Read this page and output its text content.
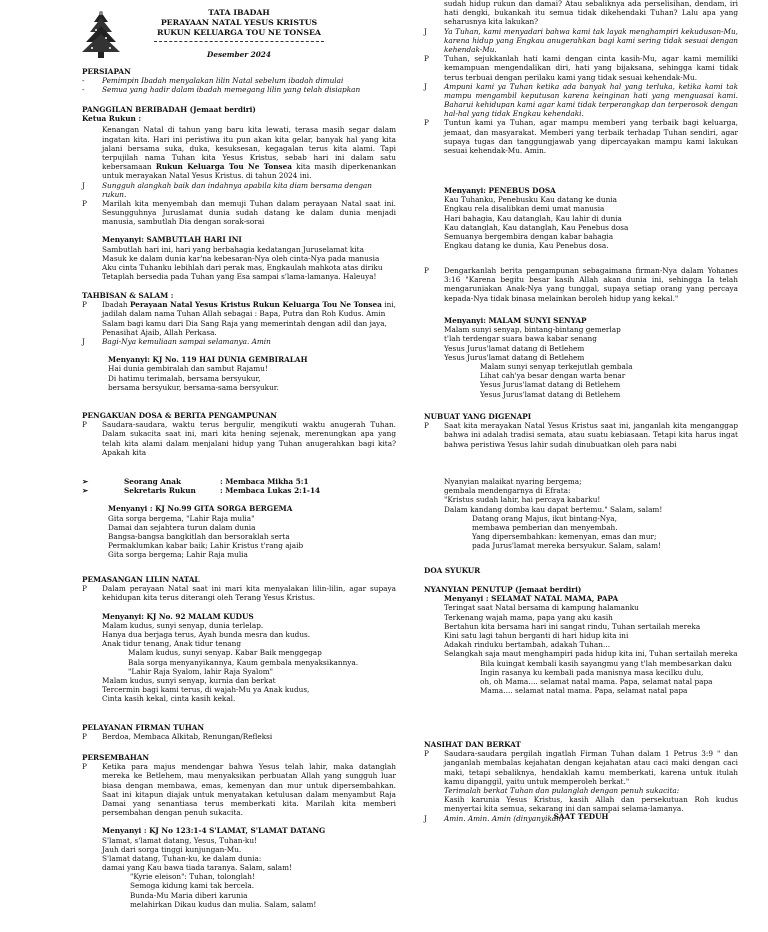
TATA IBADAH
PERAYAAN NATAL YESUS KRISTUS
RUKUN KELUARGA TOU NE TONSEA
Desember 2024

PERSIAPAN

-	Pemimpin Ibadah menyalakan lilin Natal sebelum ibadah dimulai
-	Semua yang hadir dalam ibadah memegang lilin yang telah disiapkan

PANGGILAN BERIBADAH (Jemaat berdiri)

Ketua Rukun :

Kenangan Natal di tahun yang baru kita lewati, terasa masih segar dalam ingatan kita. Hari ini peristiwa itu pun akan kita gelar, banyak hal yang kita jalani bersama suka, duka, kesuksesan, kegagalan terus kita alami. Tapi terpujilah nama Tuhan kita Yesus Kristus, sebab hari ini dalam satu kebersamaan Rukun Keluarga Tou Ne Tonsea kita masih diperkenankan untuk merayakan Natal Yesus Kristus. di tahun 2024 ini.

J	Sungguh alangkah baik dan indahnya apabila kita diam bersama dengan rukun.
P	Marilah kita menyembah dan memuji Tuhan dalam perayaan Natal saat ini. Sesungguhnya Juruslamat dunia sudah datang ke dalam dunia menjadi manusia, sambutlah Dia dengan sorak-sorai

Menyanyi: SAMBUTLAH HARI INI

Sambutlah hari ini, hari yang berbahagia kedatangan Juruselamat kita

Masuk ke dalam dunia kar'na kebesaran-Nya oleh cinta-Nya pada manusia

Aku cinta Tuhanku lebihlah dari perak mas, Engkaulah mahkota atas diriku

Tetaplah bersedia pada Tuhan yang Esa sampai s'lama-lamanya. Haleuya!

TAHBISAN & SALAM :

P	Ibadah Perayaan Natal Yesus Kristus Rukun Keluarga Tou Ne Tonsea ini, jadilah dalam nama Tuhan Allah sebagai : Bapa, Putra dan Roh Kudus. Amin

Salam bagi kamu dari Dia Sang Raja yang memerintah dengan adil dan jaya, Penasihat Ajaib, Allah Perkasa.

J	Bagi-Nya kemuliaan sampai selamanya. Amin

Menyanyi: KJ No. 119 HAI DUNIA GEMBIRALAH

Hai dunia gembiralah dan sambut Rajamu!

Di hatimu terimalah, bersama bersyukur,

bersama bersyukur, bersama-sama bersyukur.

PENGAKUAN DOSA & BERITA PENGAMPUNAN

P	Saudara-saudara, waktu terus bergulir, mengikuti waktu anugerah Tuhan. Dalam sukacita saat ini, mari kita hening sejenak, merenungkan apa yang telah kita alami dalam menjalani hidup yang Tuhan anugerahkan bagi kita? Apakah kita
➢	Seorang Anak	: Membaca Mikha 5:1
➢	Sekretaris Rukun	: Membaca Lukas 2:1-14

Menyanyi : KJ No.99 GITA SORGA BERGEMA

Gita sorga bergema, "Lahir Raja mulia"

Damai dan sejahtera turun dalam dunia

Bangsa-bangsa bangkitlah dan bersoraklah serta

Permaklumkan kabar baik; Lahir Kristus t'rang ajaib

Gita sorga bergema; Lahir Raja mulia

PEMASANGAN LILIN NATAL

P	Dalam perayaan Natal saat ini mari kita menyalakan lilin-lilin, agar supaya kehidupan kita terus diterangi oleh Terang Yesus Kristus.

Menyanyi: KJ No. 92 MALAM KUDUS

Malam kudus, sunyi senyap, dunia terlelap.

Hanya dua berjaga terus, Ayah bunda mesra dan kudus.

Anak tidur tenang, Anak tidur tenang

Malam kudus, sunyi senyap. Kabar Baik menggegap

Bala sorga menyanyikannya, Kaum gembala menyaksikannya.

"Lahir Raja Syalom, lahir Raja Syalom"

Malam kudus, sunyi senyap, kurnia dan berkat

Tercermin bagi kami terus, di wajah-Mu ya Anak kudus,

Cinta kasih kekal, cinta kasih kekal.

PELAYANAN FIRMAN TUHAN

P	Berdoa, Membaca Alkitab, Renungan/Refleksi

PERSEMBAHAN

P	Ketika para majus mendengar bahwa Yesus telah lahir, maka datanglah mereka ke Betlehem, mau menyaksikan perbuatan Allah yang sungguh luar biasa dengan membawa, emas, kemenyan dan mur untuk dipersembahkan. Saat ini kitapun diajak untuk menyatakan ketulusan dalam menyambut Raja Damai yang senantiasa terus memberkati kita. Marilah kita memberi persembahan dengan penuh sukacita.

Menyanyi : KJ No 123:1-4 S'LAMAT, S'LAMAT DATANG

S'lamat, s'lamat datang, Yesus, Tuhan-ku!

Jauh dari sorga tinggi kunjungan-Mu.

S'lamat datang, Tuhan-ku, ke dalam dunia:

damai yang Kau bawa tiada taranya. Salam, salam!

"Kyrie eleison": Tuhan, tolonglah!

Semoga kidung kami tak bercela.

Bunda-Mu Maria diberi karunia

melahirkan Dikau kudus dan mulia. Salam, salam!

sudah hidup rukun dan damai? Atau sebaliknya ada perselisihan, dendam, iri hati dengki, bukankah itu semua tidak dikehendaki Tuhan? Lalu apa yang seharusnya kita lakukan?

J	Ya Tuhan, kami menyadari bahwa kami tak layak menghampiri kekudusan-Mu, karena hidup yang Engkau anugerahkan bagi kami sering tidak sesuai dengan kehendak-Mu.
P	Tuhan, sejukkanlah hati kami dengan cinta kasih-Mu, agar kami memiliki kemampuan mengendalikan diri, hati yang bijaksana, sehingga kami tidak terus terbuai dengan perilaku kami yang tidak sesuai kehendak-Mu.
J	Ampuni kami ya Tuhan ketika ada banyak hal yang terluka, ketika kami tak mampu mengambil keputusan karena keinginan hati yang menguasai kami. Baharui kehidupan kami agar kami tidak terperangkap dan terperosok dengan hal-hal yang tidak Engkau kehendaki.
P	Tuntun kami ya Tuhan, agar mampu memberi yang terbaik bagi keluarga, jemaat, dan masyarakat. Memberi yang terbaik terhadap Tuhan sendiri, agar supaya tugas dan tanggungjawab yang dipercayakan mampu kami lakukan sesuai kehendak-Mu. Amin.

Menyanyi: PENEBUS DOSA

Kau Tuhanku, Penebusku Kau datang ke dunia

Engkau rela disalibkan demi umat manusia

Hari bahagia, Kau datanglah, Kau lahir di dunia

Kau datanglah, Kau datanglah, Kau Penebus dosa

Semuanya bergembira dengan kabar bahagia

Engkau datang ke dunia, Kau Penebus dosa.

P	Dengarkanlah berita pengampunan sebagaimana firman-Nya dalam Yohanes 3:16 "Karena begitu besar kasih Allah akan dunia ini, sehingga Ia telah mengaruniakan Anak-Nya yang tunggal, supaya setiap orang yang percaya kepada-Nya tidak binasa melainkan beroleh hidup yang kekal."

Menyanyi: MALAM SUNYI SENYAP

Malam sunyi senyap, bintang-bintang gemerlap

t'lah terdengar suara bawa kabar senang

Yesus Jurus'lamat datang di Betlehem

Yesus Jurus'lamat datang di Betlehem

Malam sunyi senyap terkejutlah gembala

Lihat cah'ya besar dengan warta benar

Yesus Jurus'lamat datang di Betlehem

Yesus Jurus'lamat datang di Betlehem

NUBUAT YANG DIGENAPI

P	Saat kita merayakan Natal Yesus Kristus saat ini, janganlah kita menganggap bahwa ini adalah tradisi semata, atau suatu kebiasaan. Tetapi kita harus ingat bahwa peristiwa Yesus lahir sudah dinubuatkan oleh para nabi

Nyanyian malaikat nyaring bergema;

gembala mendengarnya di Efrata:

"Kristus sudah lahir, hai percaya kabarku!

Dalam kandang domba kau dapat bertemu." Salam, salam!

Datang orang Majus, ikut bintang-Nya,

membawa pemberian dan menyembah.

Yang dipersembahkan: kemenyan, emas dan mur;

pada Jurus'lamat mereka bersyukur. Salam, salam!

DOA SYUKUR

NYANYIAN PENUTUP (Jemaat berdiri)

Menyanyi : SELAMAT NATAL MAMA, PAPA

Teringat saat Natal bersama di kampung halamanku

Terkenang wajah mama, papa yang aku kasih

Bertahun kita bersama hari ini sangat rindu, Tuhan sertailah mereka

Kini satu lagi tahun berganti di hari hidup kita ini

Adakah rinduku bertambah, adakah Tuhan…

Selangkah saja maut menghampiri pada hidup kita ini, Tuhan sertailah mereka

Bila kuingat kembali kasih sayangmu yang t'lah membesarkan daku

Ingin rasanya ku kembali pada manisnya masa kecilku dulu,

oh, oh Mama…. selamat natal mama. Papa, selamat natal papa

Mama…. selamat natal mama. Papa, selamat natal papa

NASIHAT DAN BERKAT

P	Saudara-saudara pergilah ingatlah Firman Tuhan dalam 1 Petrus 3:9 " dan janganlah membalas kejahatan dengan kejahatan atau caci maki dengan caci maki, tetapi sebaliknya, hendaklah kamu memberkati, karena untuk itulah kamu dipanggil, yaitu untuk memperoleh berkat."

Terimalah berkat Tuhan dan pulanglah dengan penuh sukacita:

Kasih karunia Yesus Kristus, kasih Allah dan persekutuan Roh kudus menyertai kita semua, sekarang ini dan sampai selama-lamanya.

J	Amin. Amin. Amin (dinyanyikan)

SAAT TEDUH
